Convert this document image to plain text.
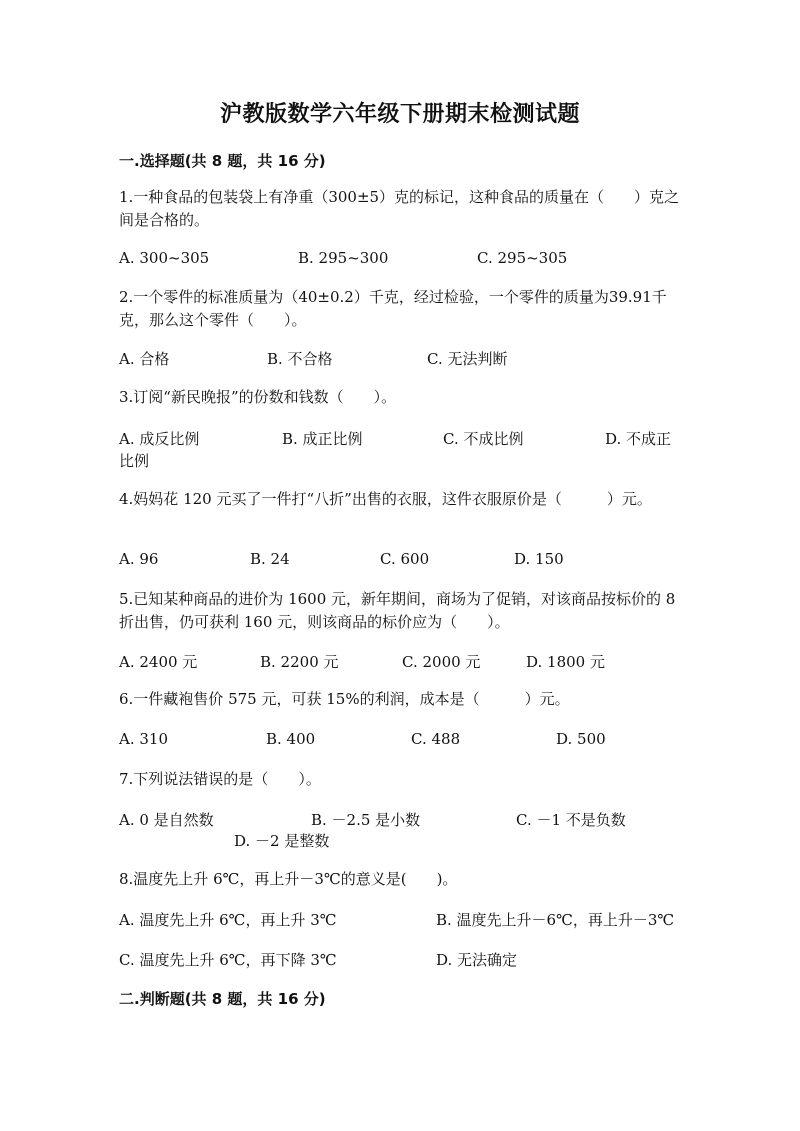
沪教版数学六年级下册期末检测试题
一.选择题(共 8 题，共 16 分)
1.一种食品的包装袋上有净重（300±5）克的标记，这种食品的质量在（　　）克之间是合格的。
A. 300~305	B. 295~300	C. 295~305
2.一个零件的标准质量为（40±0.2）千克，经过检验，一个零件的质量为39.91千克，那么这个零件（　　）。
A. 合格	B. 不合格	C. 无法判断
3.订阅“新民晚报”的份数和钱数（　　）。
A. 成反比例	B. 成正比例	C. 不成比例	D. 不成正
比例
4.妈妈花 120 元买了一件打“八折”出售的衣服，这件衣服原价是（　　　）元。
A. 96	B. 24	C. 600	D. 150
5.已知某种商品的进价为 1600 元，新年期间，商场为了促销，对该商品按标价的 8 折出售，仍可获利 160 元，则该商品的标价应为（　　）。
A. 2400 元	B. 2200 元	C. 2000 元	D. 1800 元
6.一件藏袍售价 575 元，可获 15%的利润，成本是（　　　）元。
A. 310	B. 400	C. 488	D. 500
7.下列说法错误的是（　　）。
A. 0 是自然数	B. －2.5 是小数	C. －1 不是负数
D. －2 是整数
8.温度先上升 6℃，再上升－3℃的意义是(　　)。
A. 温度先上升 6℃，再上升 3℃	B. 温度先上升－6℃，再上升－3℃
C. 温度先上升 6℃，再下降 3℃	D. 无法确定
二.判断题(共 8 题，共 16 分)
